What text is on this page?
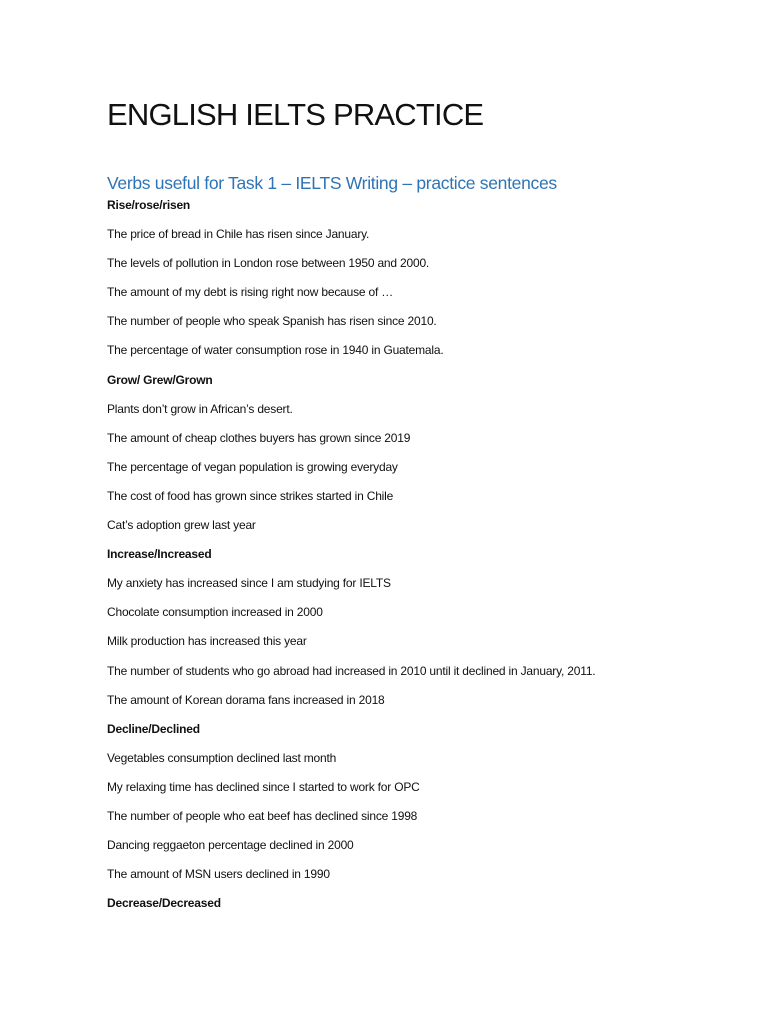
ENGLISH IELTS PRACTICE
Verbs useful for Task 1 – IELTS Writing – practice sentences
Rise/rose/risen
The price of bread in Chile has risen since January.
The levels of pollution in London rose between 1950 and 2000.
The amount of my debt is rising right now because of …
The number of people who speak Spanish has risen since 2010.
The percentage of water consumption rose in 1940 in Guatemala.
Grow/ Grew/Grown
Plants don’t grow in African’s desert.
The amount of cheap clothes buyers has grown since 2019
The percentage of vegan population is growing everyday
The cost of food has grown since strikes started in Chile
Cat’s adoption grew last year
Increase/Increased
My anxiety has increased since I am studying for IELTS
Chocolate consumption increased in 2000
Milk production has increased this year
The number of students who go abroad had increased in 2010 until it declined in January, 2011.
The amount of Korean dorama fans increased in 2018
Decline/Declined
Vegetables consumption declined last month
My relaxing time has declined since I started to work for OPC
The number of people who eat beef has declined since 1998
Dancing reggaeton percentage declined in 2000
The amount of MSN users declined in 1990
Decrease/Decreased
